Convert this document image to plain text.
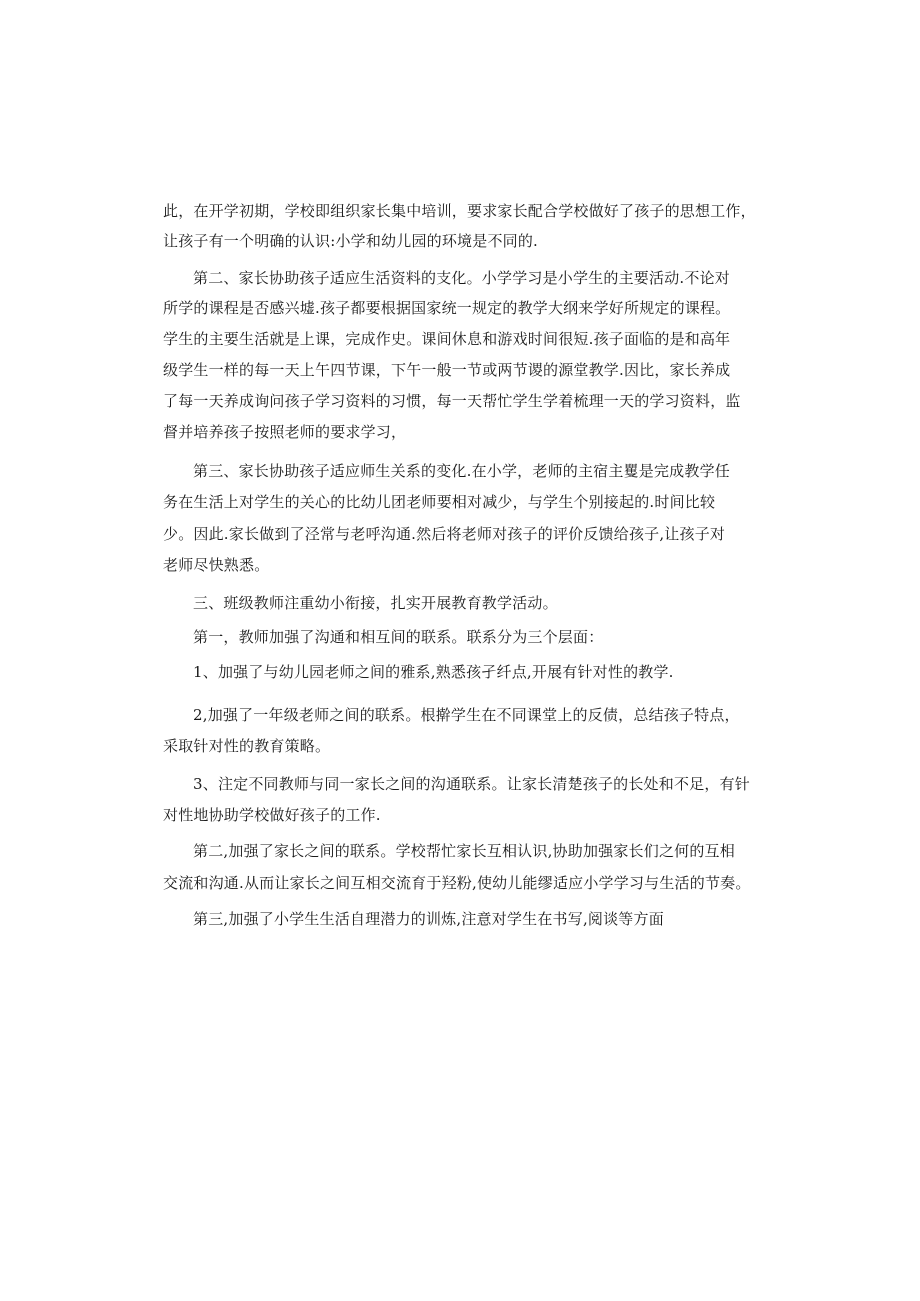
此，在开学初期，学校即组织家长集中培训，要求家长配合学校做好了孩子的思想工作，
让孩子有一个明确的认识:小学和幼儿园的环境是不同的.
第二、家长协助孩子适应生活资料的支化。小学学习是小学生的主要活动.不论对
所学的课程是否感兴墟.孩子都要根据国家统一规定的教学大纲来学好所规定的课程。
学生的主要生活就是上课，完成作史。课间休息和游戏时间很短.孩子面临的是和高年
级学生一样的每一天上午四节课，下午一般一节或两节谡的源堂教学.因比，家长养成
了每一天养成询问孩子学习资料的习惯，每一天帮忙学生学着梳理一天的学习资料，监
督并培养孩子按照老师的要求学习，
第三、家长协助孩子适应师生关系的变化.在小学，老师的主宿主矍是完成教学任
务在生活上对学生的关心的比幼儿团老师要相对减少，与学生个别接起的.时间比较
少。因此.家长做到了泾常与老呼沟通.然后将老师对孩子的评价反馈给孩子,让孩子对
老师尽快熟悉。
三、班级教师注重幼小衔接，扎实开展教育教学活动。
第一，教师加强了沟通和相互间的联系。联系分为三个层面：
1、加强了与幼儿园老师之间的雅系,熟悉孩孑纤点,开展有针对性的教学.
2,加强了一年级老师之间的联系。根擀学生在不同课堂上的反债，总结孩子特点，
采取针对性的教育策略。
3、注定不同教师与同一家长之间的沟通联系。让家长清楚孩子的长处和不足，有针
对性地协助学校做好孩子的工作.
第二,加强了家长之间的联系。学校帮忙家长互相认识,协助加强家长们之何的互相
交流和沟通.从而让家长之间互相交流育于羟粉,使幼儿能缪适应小学学习与生活的节奏。
第三,加强了小学生生活自理潜力的训炼,注意对学生在书写,阅谈等方面
